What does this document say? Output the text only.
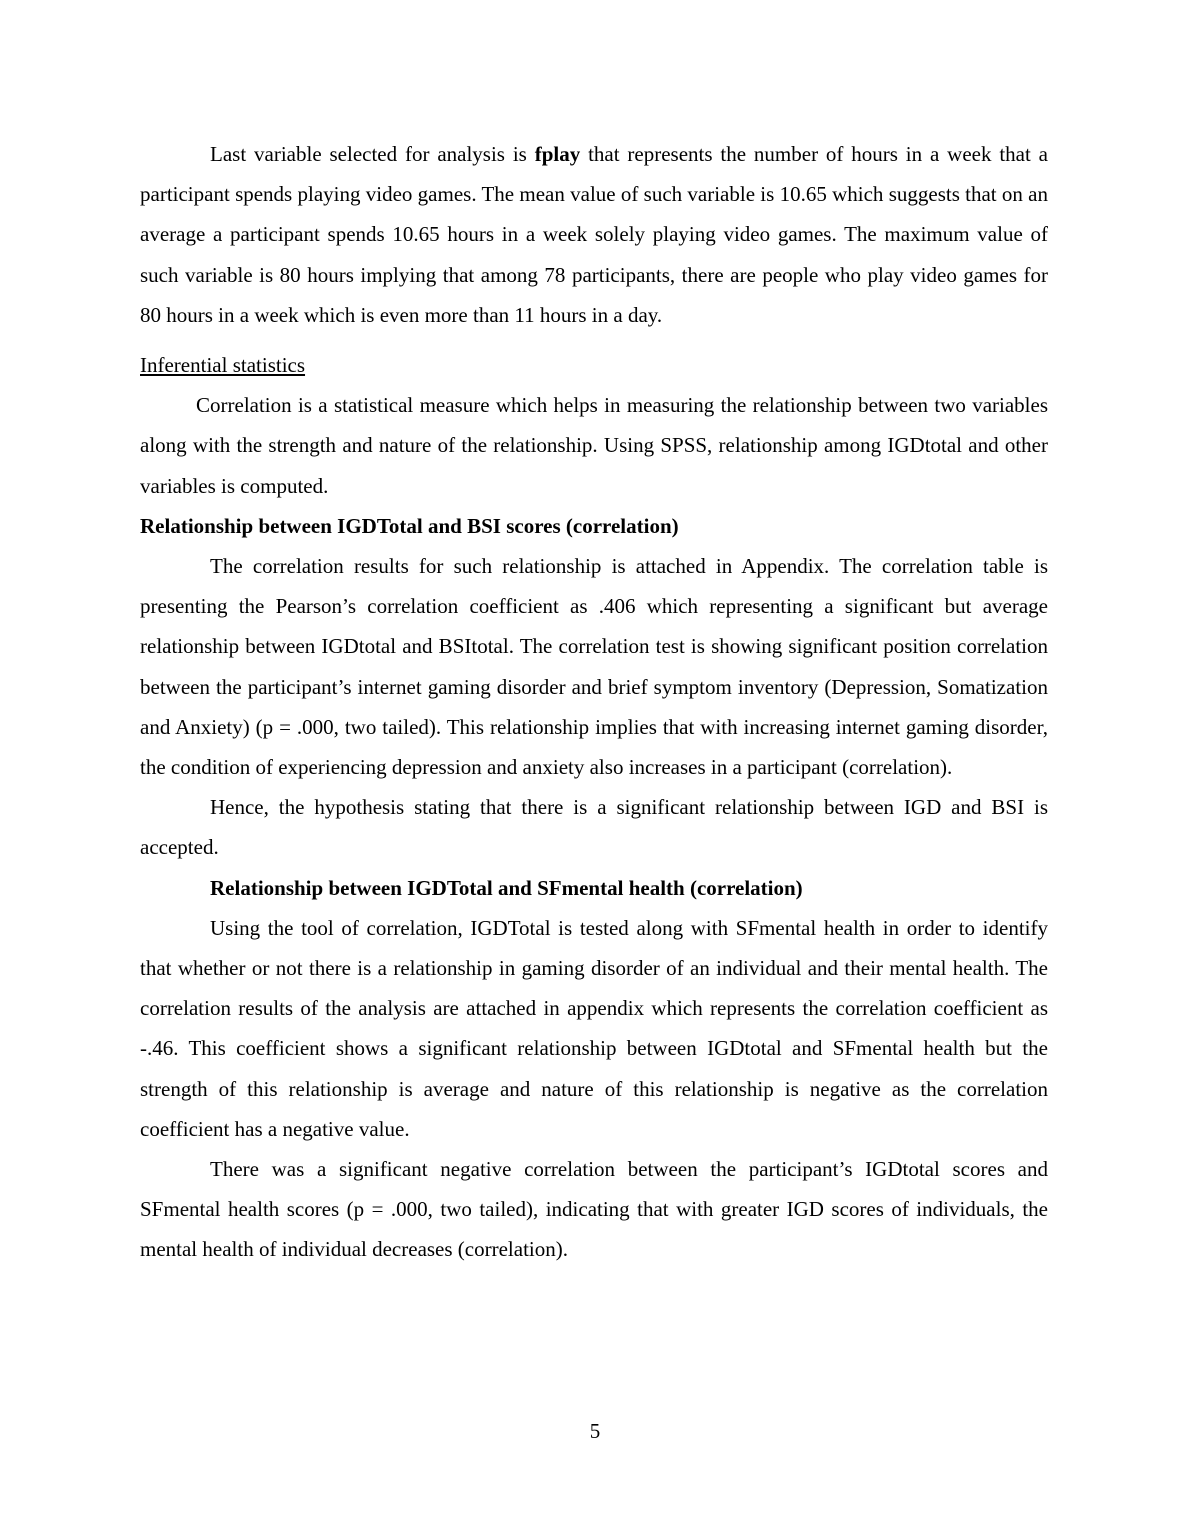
Last variable selected for analysis is fplay that represents the number of hours in a week that a participant spends playing video games. The mean value of such variable is 10.65 which suggests that on an average a participant spends 10.65 hours in a week solely playing video games. The maximum value of such variable is 80 hours implying that among 78 participants, there are people who play video games for 80 hours in a week which is even more than 11 hours in a day.

Inferential statistics

Correlation is a statistical measure which helps in measuring the relationship between two variables along with the strength and nature of the relationship. Using SPSS, relationship among IGDtotal and other variables is computed.

Relationship between IGDTotal and BSI scores (correlation)

The correlation results for such relationship is attached in Appendix. The correlation table is presenting the Pearson’s correlation coefficient as .406 which representing a significant but average relationship between IGDtotal and BSItotal. The correlation test is showing significant position correlation between the participant’s internet gaming disorder and brief symptom inventory (Depression, Somatization and Anxiety) (p = .000, two tailed). This relationship implies that with increasing internet gaming disorder, the condition of experiencing depression and anxiety also increases in a participant (correlation).

Hence, the hypothesis stating that there is a significant relationship between IGD and BSI is accepted.

Relationship between IGDTotal and SFmental health (correlation)

Using the tool of correlation, IGDTotal is tested along with SFmental health in order to identify that whether or not there is a relationship in gaming disorder of an individual and their mental health. The correlation results of the analysis are attached in appendix which represents the correlation coefficient as -.46. This coefficient shows a significant relationship between IGDtotal and SFmental health but the strength of this relationship is average and nature of this relationship is negative as the correlation coefficient has a negative value.

There was a significant negative correlation between the participant’s IGDtotal scores and SFmental health scores (p = .000, two tailed), indicating that with greater IGD scores of individuals, the mental health of individual decreases (correlation).

5
